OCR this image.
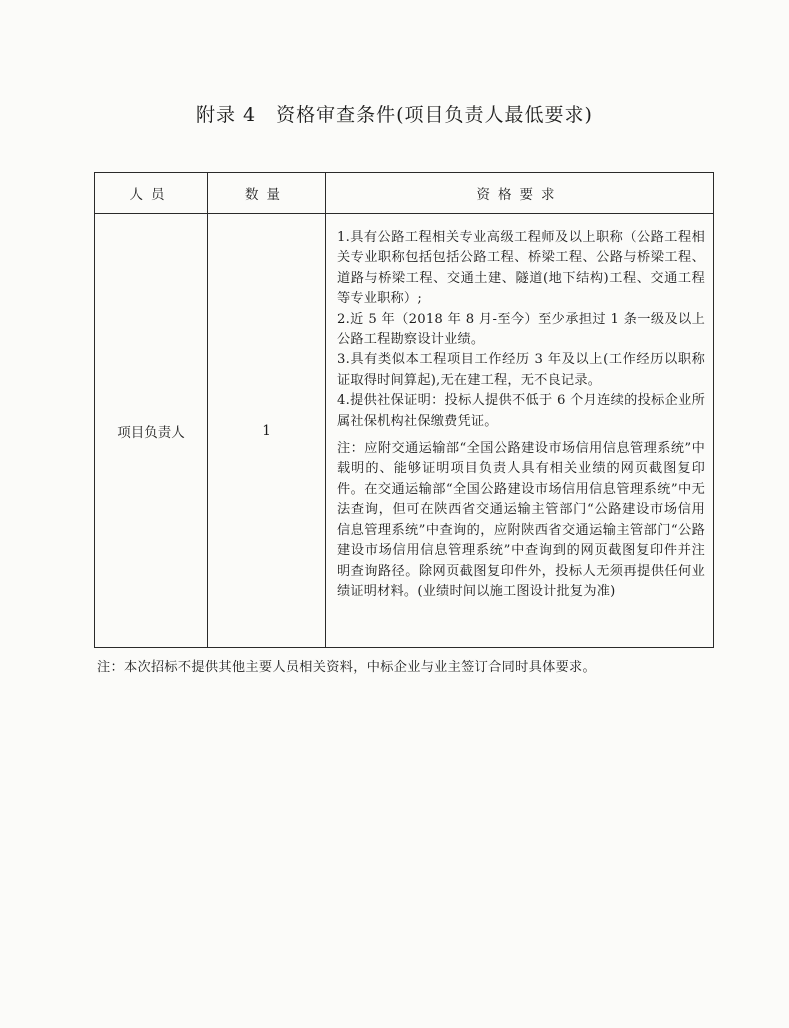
附录 4　资格审查条件(项目负责人最低要求)
人员	数量	资格要求
项目负责人	1	1.具有公路工程相关专业高级工程师及以上职称（公路工程相关专业职称包括包括公路工程、桥梁工程、公路与桥梁工程、道路与桥梁工程、交通土建、隧道(地下结构)工程、交通工程等专业职称）;

2.近 5 年（2018 年 8 月-至今）至少承担过 1 条一级及以上公路工程勘察设计业绩。

3.具有类似本工程项目工作经历 3 年及以上(工作经历以职称证取得时间算起),无在建工程，无不良记录。

4.提供社保证明：投标人提供不低于 6 个月连续的投标企业所属社保机构社保缴费凭证。

注：应附交通运输部“全国公路建设市场信用信息管理系统”中载明的、能够证明项目负责人具有相关业绩的网页截图复印件。在交通运输部“全国公路建设市场信用信息管理系统”中无法查询，但可在陕西省交通运输主管部门“公路建设市场信用信息管理系统”中查询的，应附陕西省交通运输主管部门“公路建设市场信用信息管理系统”中查询到的网页截图复印件并注明查询路径。除网页截图复印件外，投标人无须再提供任何业绩证明材料。(业绩时间以施工图设计批复为准)

注：本次招标不提供其他主要人员相关资料，中标企业与业主签订合同时具体要求。
